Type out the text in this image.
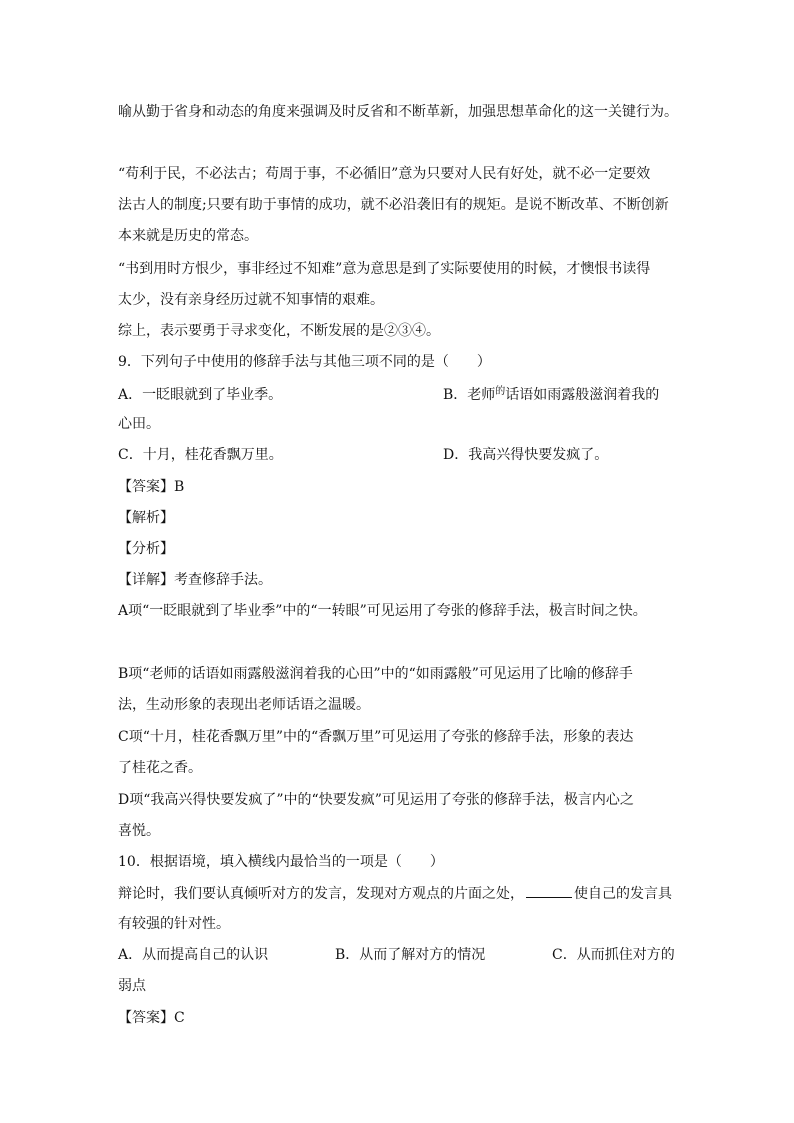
喻从勤于省身和动态的角度来强调及时反省和不断革新，加强思想革命化的这一关键行为。
“苟利于民，不必法古；苟周于事，不必循旧”意为只要对人民有好处，就不必一定要效
法古人的制度;只要有助于事情的成功，就不必沿袭旧有的规矩。是说不断改革、不断创新
本来就是历史的常态。
“书到用时方恨少，事非经过不知难”意为意思是到了实际要使用的时候，才懊恨书读得
太少，没有亲身经历过就不知事情的艰难。
综上，表示要勇于寻求变化，不断发展的是②③④。
9．下列句子中使用的修辞手法与其他三项不同的是（　　）
A．一眨眼就到了毕业季。	B．老师$^的$话语如雨露般滋润着我的
心田。
C．十月，桂花香飘万里。	D．我高兴得快要发疯了。
【答案】B
【解析】
【分析】
【详解】考查修辞手法。
A项“一眨眼就到了毕业季”中的“一转眼”可见运用了夸张的修辞手法，极言时间之快。
B项“老师的话语如雨露般滋润着我的心田”中的“如雨露般”可见运用了比喻的修辞手
法，生动形象的表现出老师话语之温暖。
C项“十月，桂花香飘万里”中的“香飘万里”可见运用了夸张的修辞手法，形象的表达
了桂花之香。
D项“我高兴得快要发疯了”中的“快要发疯”可见运用了夸张的修辞手法，极言内心之
喜悦。
10．根据语境，填入横线内最恰当的一项是（　　）
辩论时，我们要认真倾听对方的发言，发现对方观点的片面之处，	使自己的发言具
有较强的针对性。
A．从而提高自己的认识	B．从而了解对方的情况	C．从而抓住对方的
弱点
【答案】C
